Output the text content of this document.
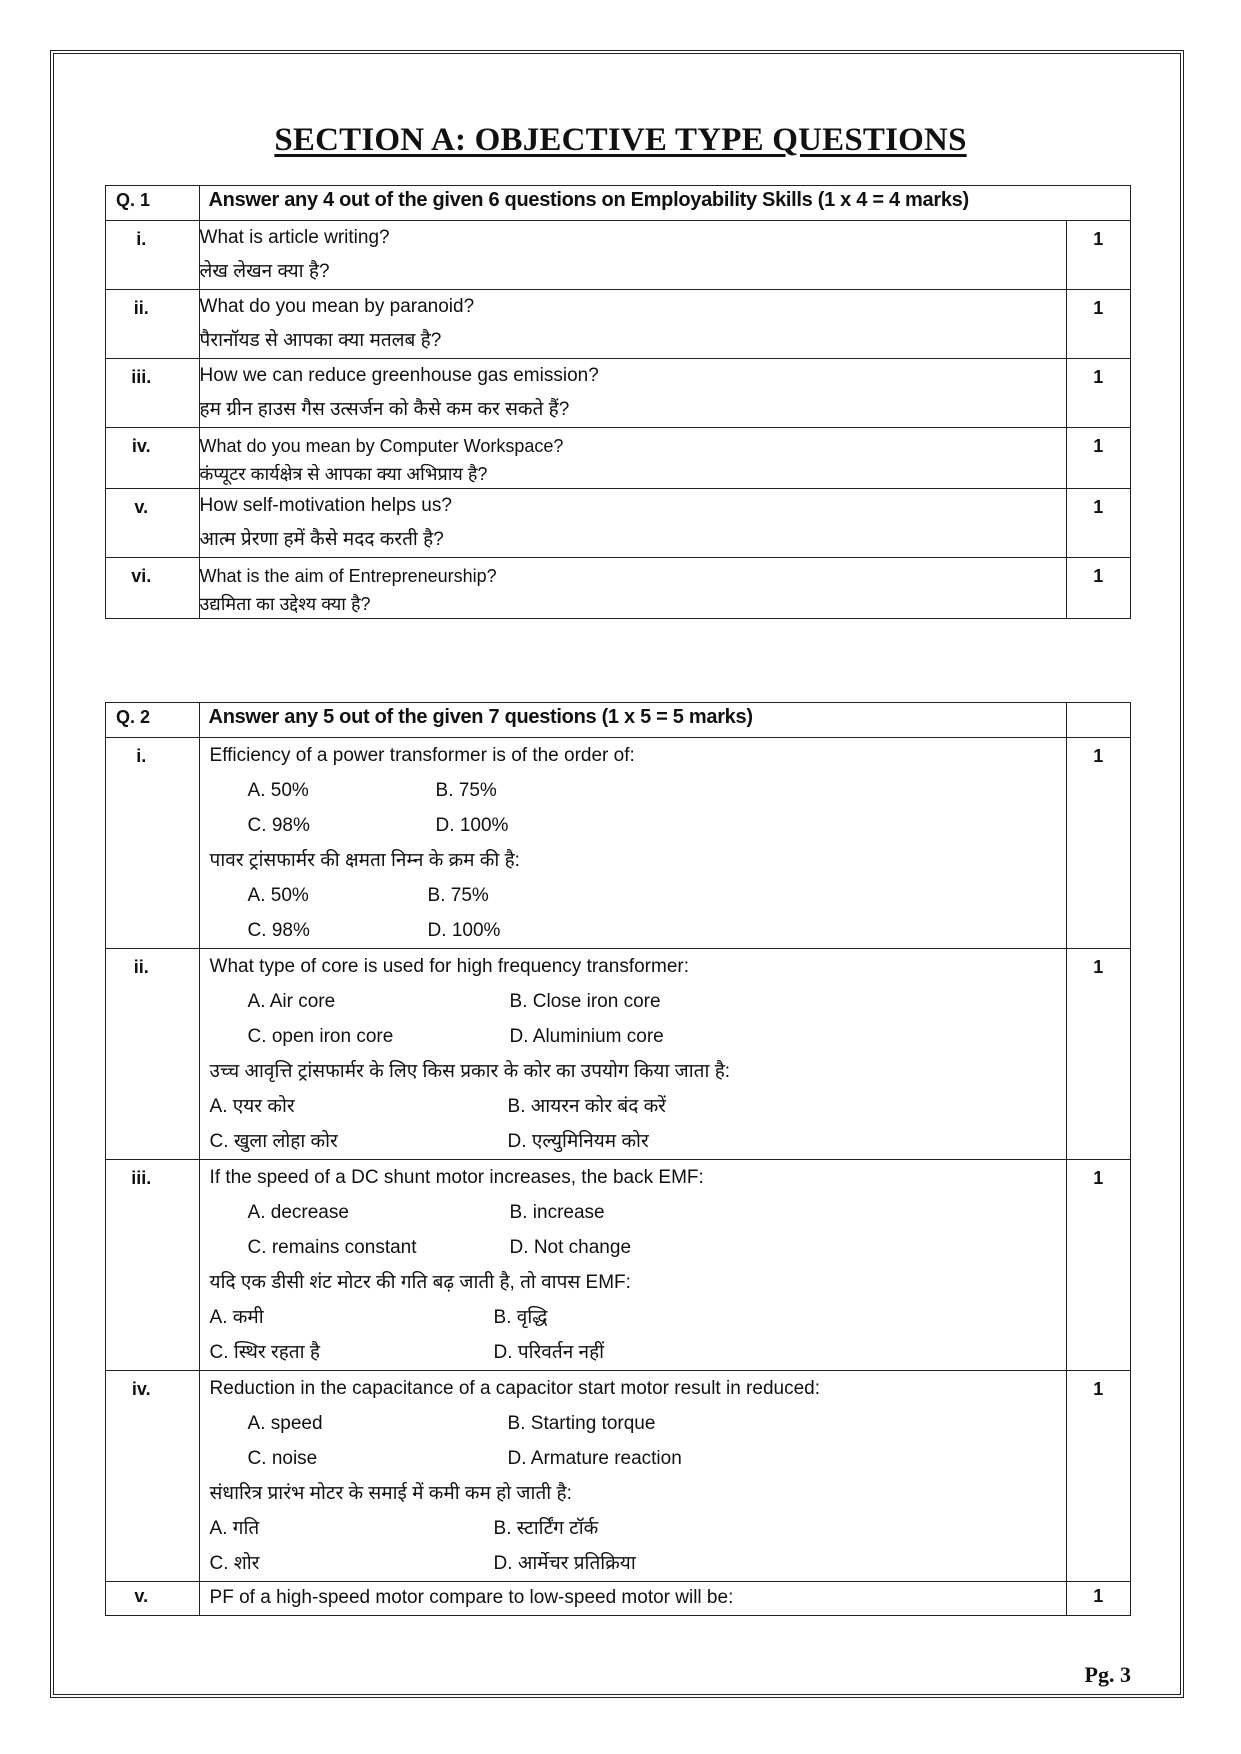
SECTION A: OBJECTIVE TYPE QUESTIONS
Q. 1	Answer any 4 out of the given 6 questions on Employability Skills (1 x 4 = 4 marks)	
i.	What is article writing?
लेख लेखन क्या है?	1
ii.	What do you mean by paranoid?
पैरानॉयड से आपका क्या मतलब है?	1
iii.	How we can reduce greenhouse gas emission?
हम ग्रीन हाउस गैस उत्सर्जन को कैसे कम कर सकते हैं?	1
iv.	What do you mean by Computer Workspace?
कंप्यूटर कार्यक्षेत्र से आपका क्या अभिप्राय है?	1
v.	How self-motivation helps us?
आत्म प्रेरणा हमें कैसे मदद करती है?	1
vi.	What is the aim of Entrepreneurship?
उद्यमिता का उद्देश्य क्या है?	1
Q. 2	Answer any 5 out of the given 7 questions (1 x 5 = 5 marks)	
i.	Efficiency of a power transformer is of the order of:
A. 50%	B. 75%
C. 98%	D. 100%
पावर ट्रांसफार्मर की क्षमता निम्न के क्रम की है:
A. 50%	B. 75%
C. 98%	D. 100%
	1
ii.	What type of core is used for high frequency transformer:
A. Air core	B. Close iron core
C. open iron core	D. Aluminium core
उच्च आवृत्ति ट्रांसफार्मर के लिए किस प्रकार के कोर का उपयोग किया जाता है:
A. एयर कोर	B. आयरन कोर बंद करें
C. खुला लोहा कोर	D. एल्युमिनियम कोर
	1
iii.	If the speed of a DC shunt motor increases, the back EMF:
A. decrease	B. increase
C. remains constant	D. Not change
यदि एक डीसी शंट मोटर की गति बढ़ जाती है, तो वापस EMF:
A. कमी	B. वृद्धि
C. स्थिर रहता है	D. परिवर्तन नहीं
	1
iv.	Reduction in the capacitance of a capacitor start motor result in reduced:
A. speed	B. Starting torque
C. noise	D. Armature reaction
संधारित्र प्रारंभ मोटर के समाई में कमी कम हो जाती है:
A. गति	B. स्टार्टिंग टॉर्क
C. शोर	D. आर्मेचर प्रतिक्रिया
	1
v.	PF of a high-speed motor compare to low-speed motor will be:	1
Pg. 3
